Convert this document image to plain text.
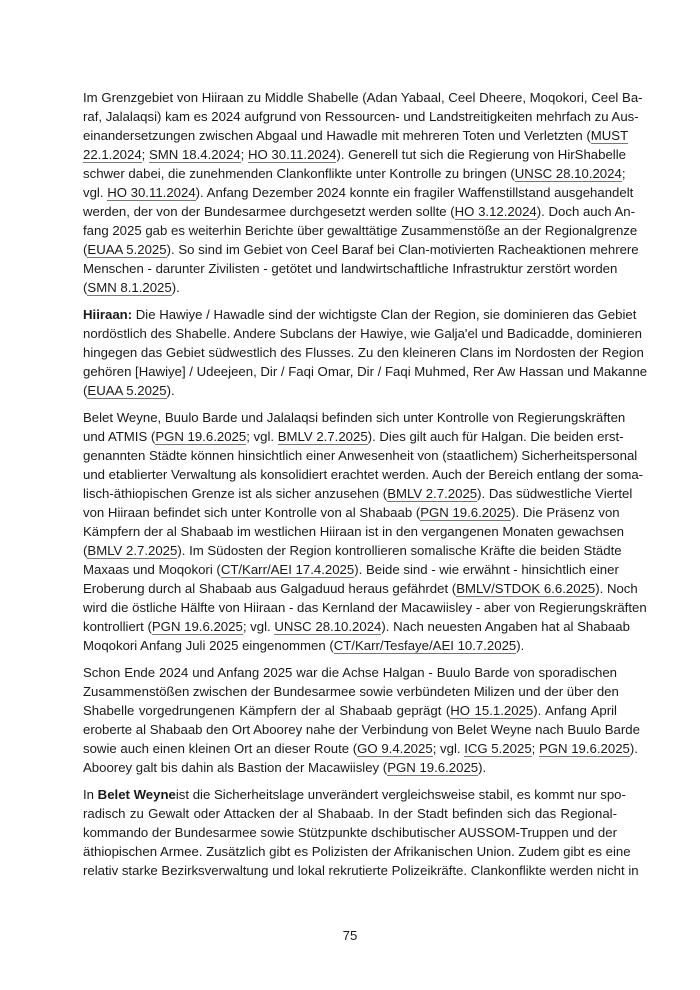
Im Grenzgebiet von Hiiraan zu Middle Shabelle (Adan Yabaal, Ceel Dheere, Moqokori, Ceel Ba-
raf, Jalalaqsi) kam es 2024 aufgrund von Ressourcen- und Landstreitigkeiten mehrfach zu Aus-
einandersetzungen zwischen Abgaal und Hawadle mit mehreren Toten und Verletzten (MUST
22.1.2024; SMN 18.4.2024; HO 30.11.2024). Generell tut sich die Regierung von HirShabelle
schwer dabei, die zunehmenden Clankonflikte unter Kontrolle zu bringen (UNSC 28.10.2024;
vgl. HO 30.11.2024). Anfang Dezember 2024 konnte ein fragiler Waffenstillstand ausgehandelt
werden, der von der Bundesarmee durchgesetzt werden sollte (HO 3.12.2024). Doch auch An-
fang 2025 gab es weiterhin Berichte über gewalttätige Zusammenstöße an der Regionalgrenze
(EUAA 5.2025). So sind im Gebiet von Ceel Baraf bei Clan-motivierten Racheaktionen mehrere
Menschen - darunter Zivilisten - getötet und landwirtschaftliche Infrastruktur zerstört worden
(SMN 8.1.2025).
Hiiraan: Die Hawiye / Hawadle sind der wichtigste Clan der Region, sie dominieren das Gebiet
nordöstlich des Shabelle. Andere Subclans der Hawiye, wie Galja'el und Badicadde, dominieren
hingegen das Gebiet südwestlich des Flusses. Zu den kleineren Clans im Nordosten der Region
gehören [Hawiye] / Udeejeen, Dir / Faqi Omar, Dir / Faqi Muhmed, Rer Aw Hassan und Makanne
(EUAA 5.2025).
Belet Weyne, Buulo Barde und Jalalaqsi befinden sich unter Kontrolle von Regierungskräften
und ATMIS (PGN 19.6.2025; vgl. BMLV 2.7.2025). Dies gilt auch für Halgan. Die beiden erst-
genannten Städte können hinsichtlich einer Anwesenheit von (staatlichem) Sicherheitspersonal
und etablierter Verwaltung als konsolidiert erachtet werden. Auch der Bereich entlang der soma-
lisch-äthiopischen Grenze ist als sicher anzusehen (BMLV 2.7.2025). Das südwestliche Viertel
von Hiiraan befindet sich unter Kontrolle von al Shabaab (PGN 19.6.2025). Die Präsenz von
Kämpfern der al Shabaab im westlichen Hiiraan ist in den vergangenen Monaten gewachsen
(BMLV 2.7.2025). Im Südosten der Region kontrollieren somalische Kräfte die beiden Städte
Maxaas und Moqokori (CT/Karr/AEI 17.4.2025). Beide sind - wie erwähnt - hinsichtlich einer
Eroberung durch al Shabaab aus Galgaduud heraus gefährdet (BMLV/STDOK 6.6.2025). Noch
wird die östliche Hälfte von Hiiraan - das Kernland der Macawiisley - aber von Regierungskräften
kontrolliert (PGN 19.6.2025; vgl. UNSC 28.10.2024). Nach neuesten Angaben hat al Shabaab
Moqokori Anfang Juli 2025 eingenommen (CT/Karr/Tesfaye/AEI 10.7.2025).
Schon Ende 2024 und Anfang 2025 war die Achse Halgan - Buulo Barde von sporadischen
Zusammenstößen zwischen der Bundesarmee sowie verbündeten Milizen und der über den
Shabelle vorgedrungenen Kämpfern der al Shabaab geprägt (HO 15.1.2025). Anfang April
eroberte al Shabaab den Ort Aboorey nahe der Verbindung von Belet Weyne nach Buulo Barde
sowie auch einen kleinen Ort an dieser Route (GO 9.4.2025; vgl. ICG 5.2025; PGN 19.6.2025).
Aboorey galt bis dahin als Bastion der Macawiisley (PGN 19.6.2025).
In Belet Weyneist die Sicherheitslage unverändert vergleichsweise stabil, es kommt nur spo-
radisch zu Gewalt oder Attacken der al Shabaab. In der Stadt befinden sich das Regional-
kommando der Bundesarmee sowie Stützpunkte dschibutischer AUSSOM-Truppen und der
äthiopischen Armee. Zusätzlich gibt es Polizisten der Afrikanischen Union. Zudem gibt es eine
relativ starke Bezirksverwaltung und lokal rekrutierte Polizeikräfte. Clankonflikte werden nicht in
75
